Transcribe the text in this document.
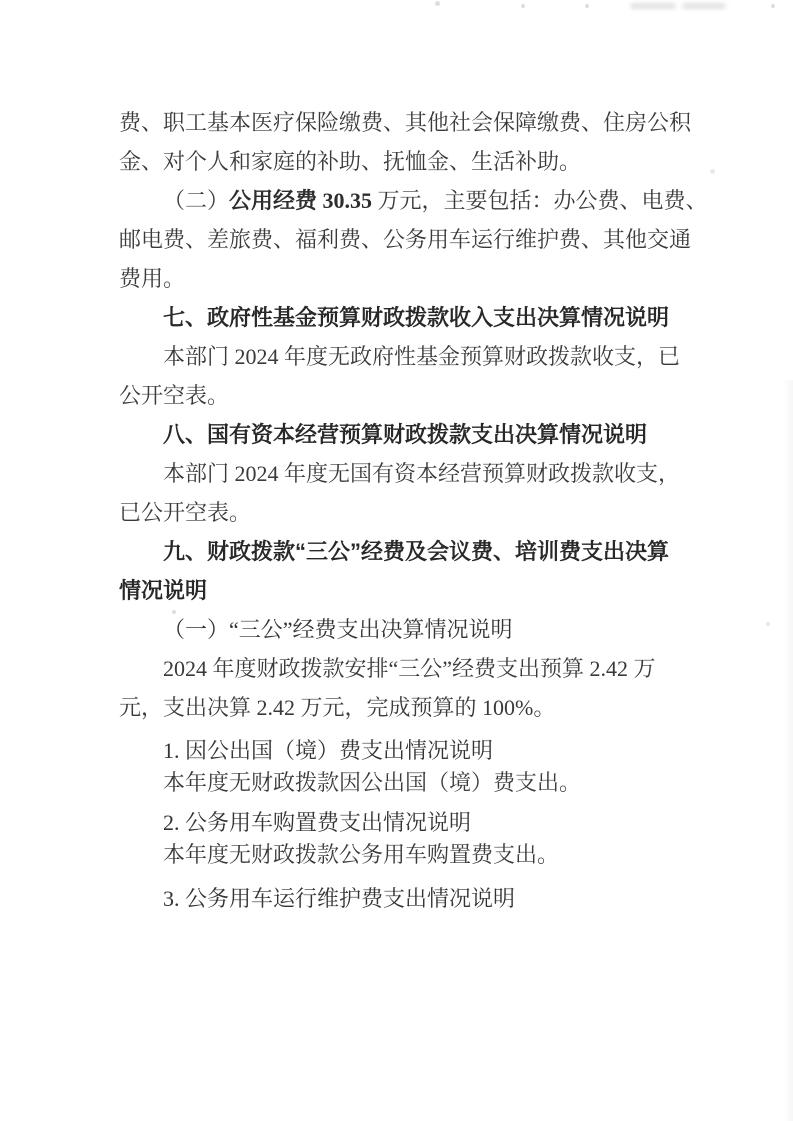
费、职工基本医疗保险缴费、其他社会保障缴费、住房公积
金、对个人和家庭的补助、抚恤金、生活补助。
（二）公用经费 30.35 万元，主要包括：办公费、电费、
邮电费、差旅费、福利费、公务用车运行维护费、其他交通
费用。
七、政府性基金预算财政拨款收入支出决算情况说明
本部门 2024 年度无政府性基金预算财政拨款收支，已
公开空表。
八、国有资本经营预算财政拨款支出决算情况说明
本部门 2024 年度无国有资本经营预算财政拨款收支，
已公开空表。
九、财政拨款“三公”经费及会议费、培训费支出决算
情况说明
（一）“三公”经费支出决算情况说明
2024 年度财政拨款安排“三公”经费支出预算 2.42 万
元，支出决算 2.42 万元，完成预算的 100%。
1. 因公出国（境）费支出情况说明
本年度无财政拨款因公出国（境）费支出。
2. 公务用车购置费支出情况说明
本年度无财政拨款公务用车购置费支出。
3. 公务用车运行维护费支出情况说明
